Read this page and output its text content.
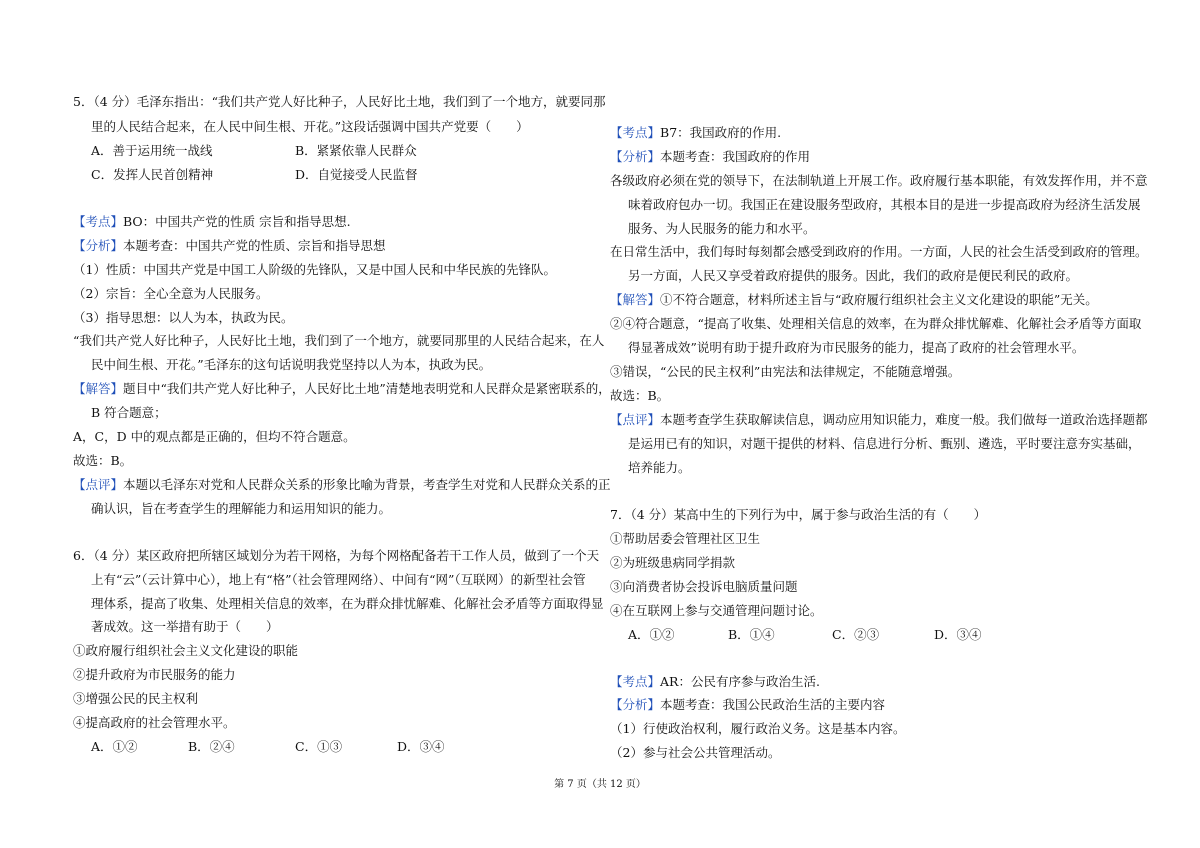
5．（4 分）毛泽东指出：“我们共产党人好比种子，人民好比土地，我们到了一个地方，就要同那
里的人民结合起来，在人民中间生根、开花。”这段话强调中国共产党要（　　）
A．善于运用统一战线	B．紧紧依靠人民群众
C．发挥人民首创精神	D．自觉接受人民监督
【考点】BO：中国共产党的性质 宗旨和指导思想.
【分析】本题考查：中国共产党的性质、宗旨和指导思想
（1）性质：中国共产党是中国工人阶级的先锋队，又是中国人民和中华民族的先锋队。
（2）宗旨：全心全意为人民服务。
（3）指导思想：以人为本，执政为民。
“我们共产党人好比种子，人民好比土地，我们到了一个地方，就要同那里的人民结合起来，在人
民中间生根、开花。”毛泽东的这句话说明我党坚持以人为本，执政为民。
【解答】题目中“我们共产党人好比种子，人民好比土地”清楚地表明党和人民群众是紧密联系的，
B 符合题意；
A，C，D 中的观点都是正确的，但均不符合题意。
故选：B。
【点评】本题以毛泽东对党和人民群众关系的形象比喻为背景，考查学生对党和人民群众关系的正
确认识，旨在考查学生的理解能力和运用知识的能力。
6．（4 分）某区政府把所辖区域划分为若干网格，为每个网格配备若干工作人员，做到了一个天
上有“云”（云计算中心），地上有“格”（社会管理网络）、中间有“网”（互联网）的新型社会管
理体系，提高了收集、处理相关信息的效率，在为群众排忧解难、化解社会矛盾等方面取得显
著成效。这一举措有助于（　　）
①政府履行组织社会主义文化建设的职能
②提升政府为市民服务的能力
③增强公民的民主权利
④提高政府的社会管理水平。
A．①②	B．②④	C．①③	D．③④
【考点】B7：我国政府的作用.
【分析】本题考查：我国政府的作用
各级政府必须在党的领导下，在法制轨道上开展工作。政府履行基本职能，有效发挥作用，并不意
味着政府包办一切。我国正在建设服务型政府，其根本目的是进一步提高政府为经济生活发展
服务、为人民服务的能力和水平。
在日常生活中，我们每时每刻都会感受到政府的作用。一方面，人民的社会生活受到政府的管理。
另一方面，人民又享受着政府提供的服务。因此，我们的政府是便民利民的政府。
【解答】①不符合题意，材料所述主旨与“政府履行组织社会主义文化建设的职能”无关。
②④符合题意，“提高了收集、处理相关信息的效率，在为群众排忧解难、化解社会矛盾等方面取
得显著成效”说明有助于提升政府为市民服务的能力，提高了政府的社会管理水平。
③错误，“公民的民主权利”由宪法和法律规定，不能随意增强。
故选：B。
【点评】本题考查学生获取解读信息，调动应用知识能力，难度一般。我们做每一道政治选择题都
是运用已有的知识，对题干提供的材料、信息进行分析、甄别、遴选，平时要注意夯实基础，
培养能力。
7．（4 分）某高中生的下列行为中，属于参与政治生活的有（　　）
①帮助居委会管理社区卫生
②为班级患病同学捐款
③向消费者协会投诉电脑质量问题
④在互联网上参与交通管理问题讨论。
A．①②	B．①④	C．②③	D．③④
【考点】AR：公民有序参与政治生活.
【分析】本题考查：我国公民政治生活的主要内容
（1）行使政治权利，履行政治义务。这是基本内容。
（2）参与社会公共管理活动。
第 7 页（共 12 页）
